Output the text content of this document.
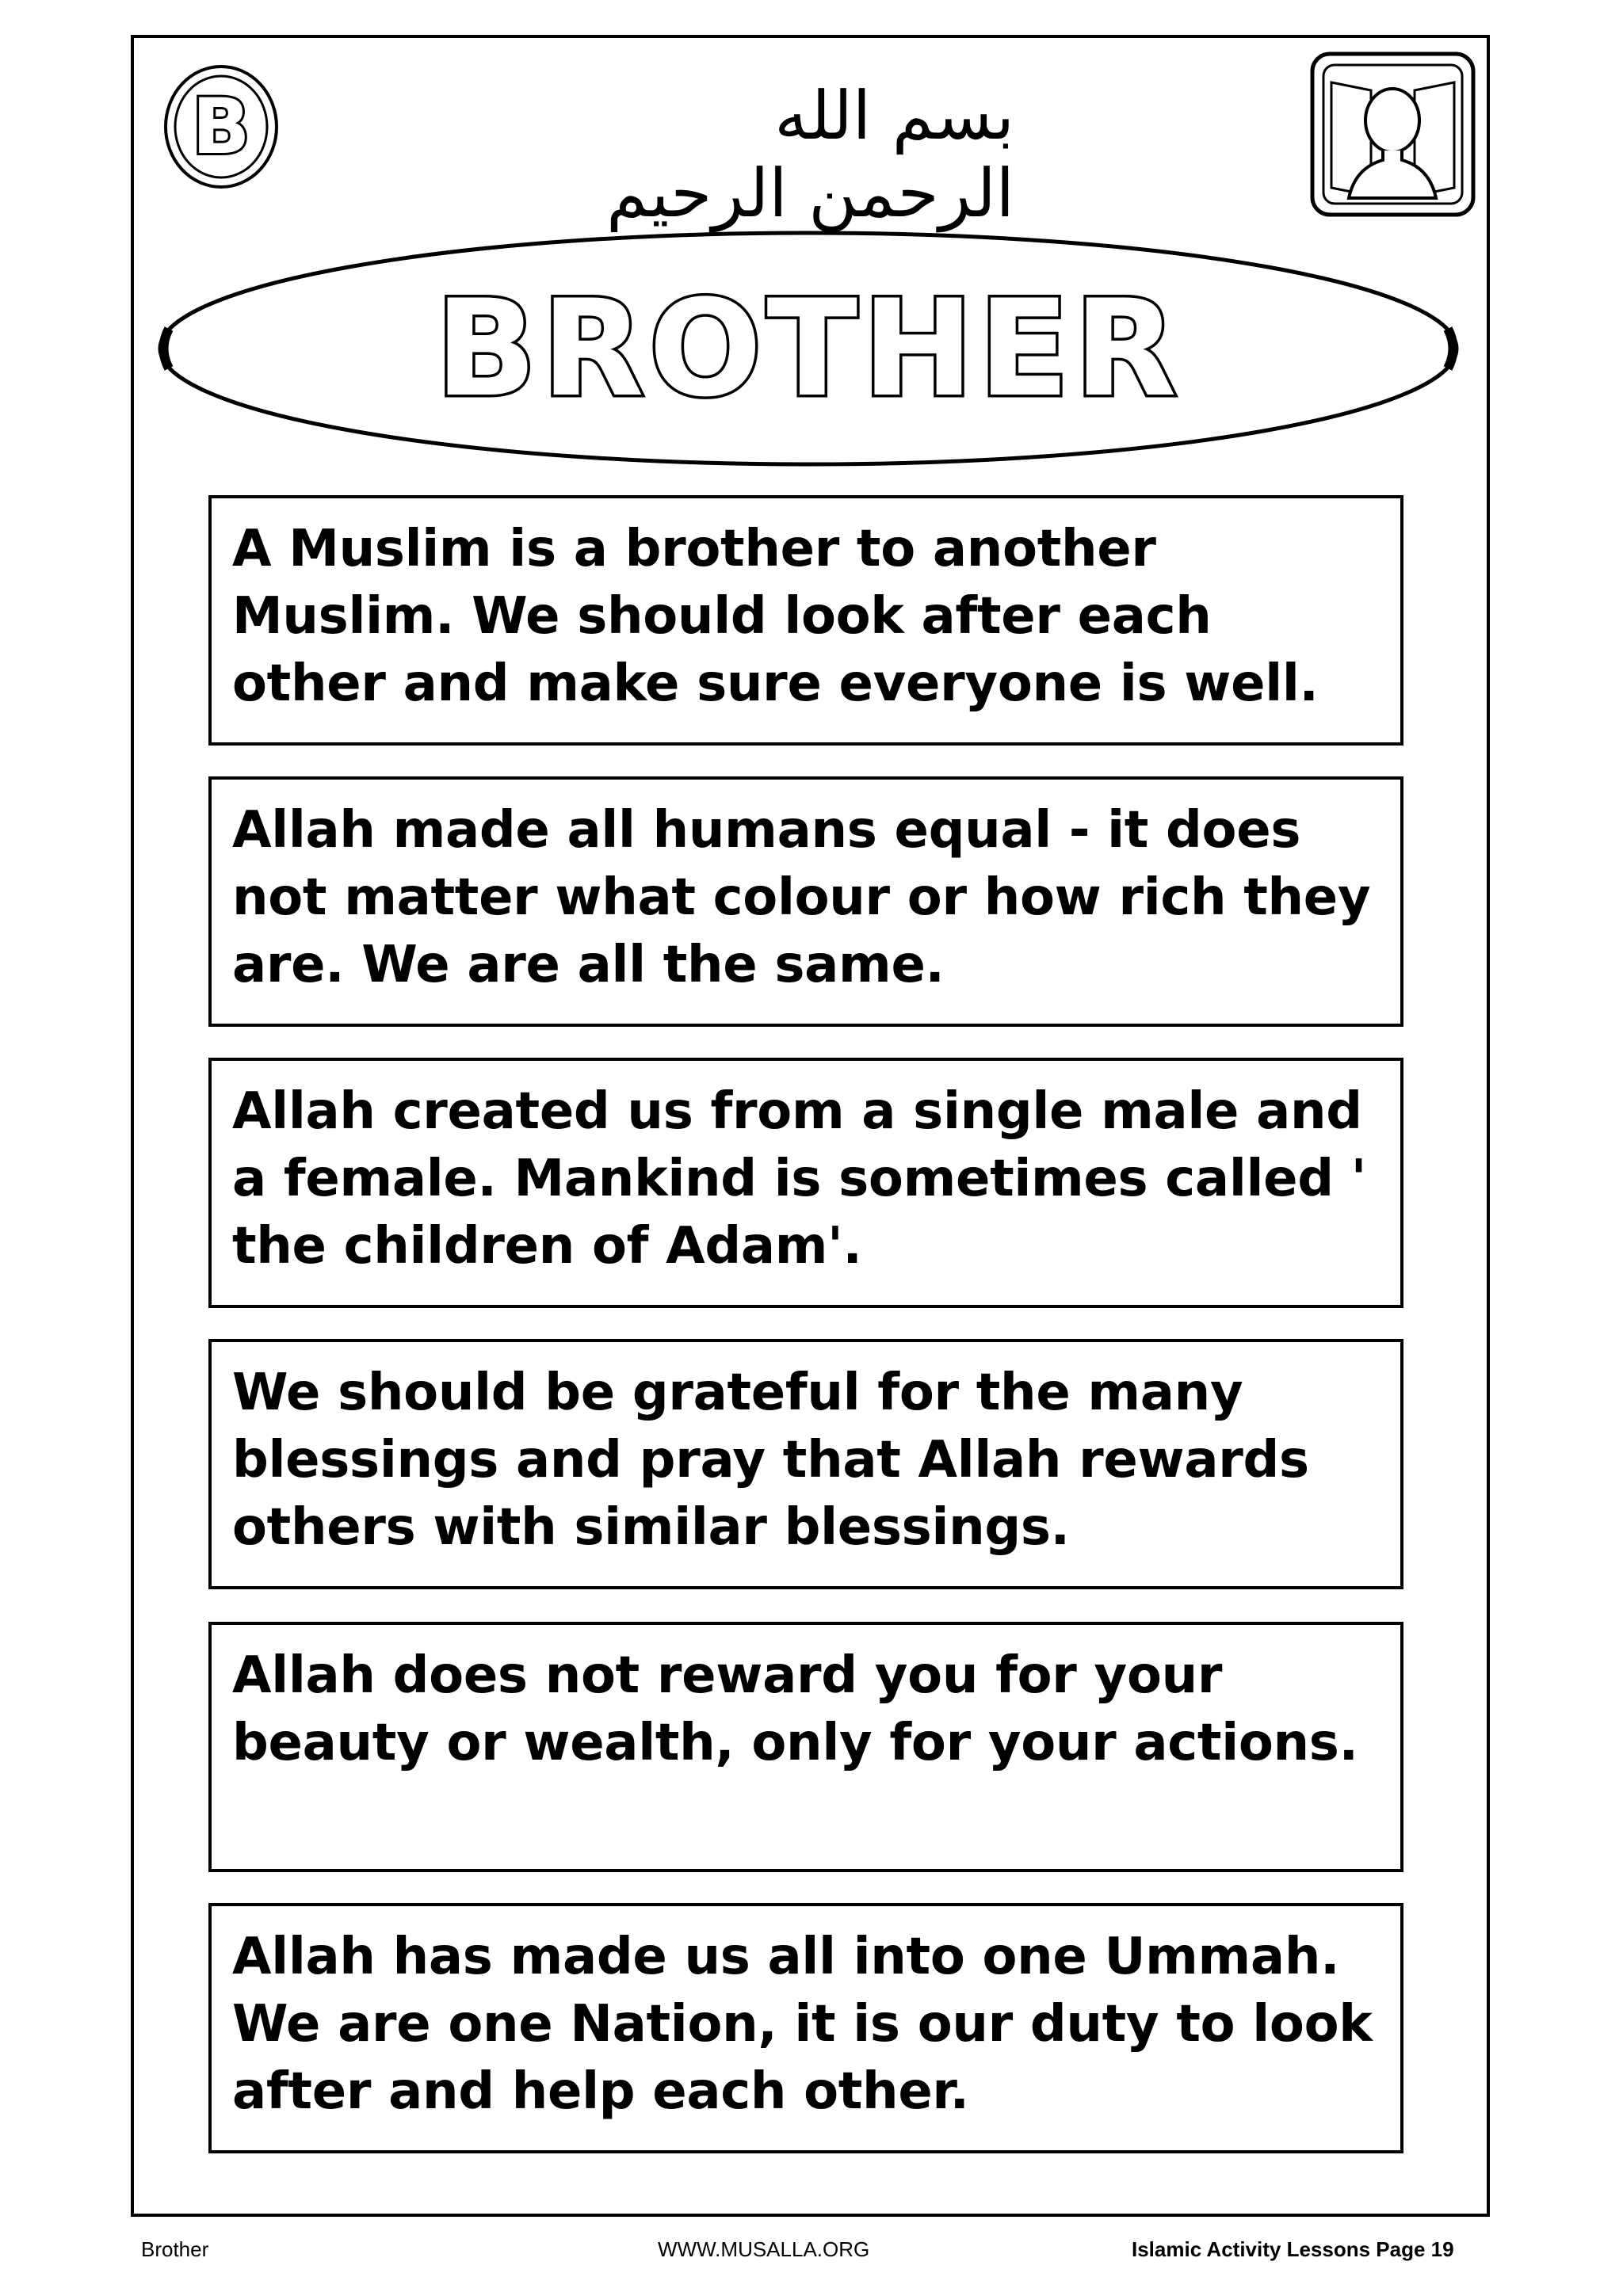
B	بسم الله الرحمن الرحيم
BROTHER
A Muslim is a brother to another Muslim. We should look after each other and make sure everyone is well.
Allah made all humans equal - it does not matter what colour or how rich they are. We are all the same.
Allah created us from a single male and a female. Mankind is sometimes called ' the children of Adam'.
We should be grateful for the many blessings and pray that Allah rewards others with similar blessings.
Allah does not reward you for your beauty or wealth, only for your actions.
Allah has made us all into one Ummah. We are one Nation, it is our duty to look after and help each other.
Brother	WWW.MUSALLA.ORG	Islamic Activity Lessons Page 19
